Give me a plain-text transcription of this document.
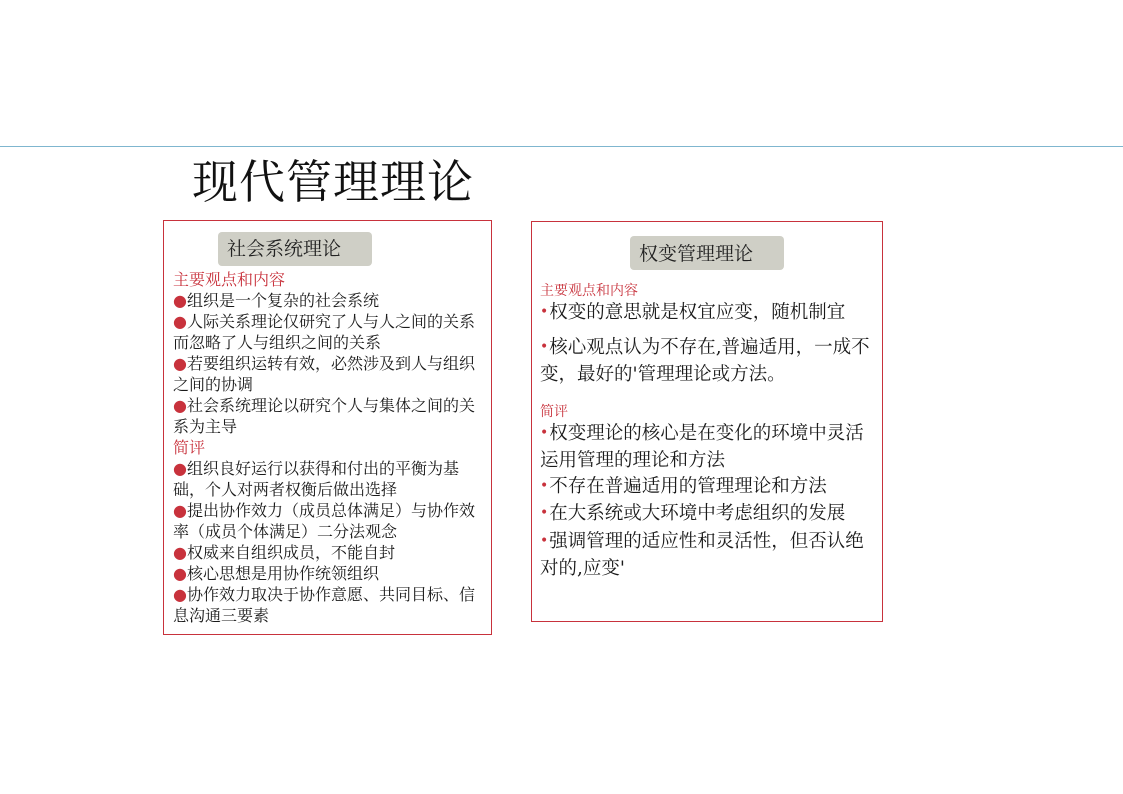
现代管理理论
主要观点和内容
●组织是一个复杂的社会系统
●人际关系理论仅研究了人与人之间的关系而忽略了人与组织之间的关系
●若要组织运转有效，必然涉及到人与组织之间的协调
●社会系统理论以研究个人与集体之间的关系为主导
简评
●组织良好运行以获得和付出的平衡为基础，个人对两者权衡后做出选择
●提出协作效力（成员总体满足）与协作效率（成员个体满足）二分法观念
●权威来自组织成员，不能自封
●核心思想是用协作统领组织
●协作效力取决于协作意愿、共同目标、信息沟通三要素
社会系统理论
主要观点和内容
•权变的意思就是权宜应变，随机制宜
•核心观点认为不存在,普遍适用，一成不变，最好的'管理理论或方法。
简评
•权变理论的核心是在变化的环境中灵活运用管理的理论和方法
•不存在普遍适用的管理理论和方法
•在大系统或大环境中考虑组织的发展
•强调管理的适应性和灵活性，但否认绝对的,应变'
权变管理理论
